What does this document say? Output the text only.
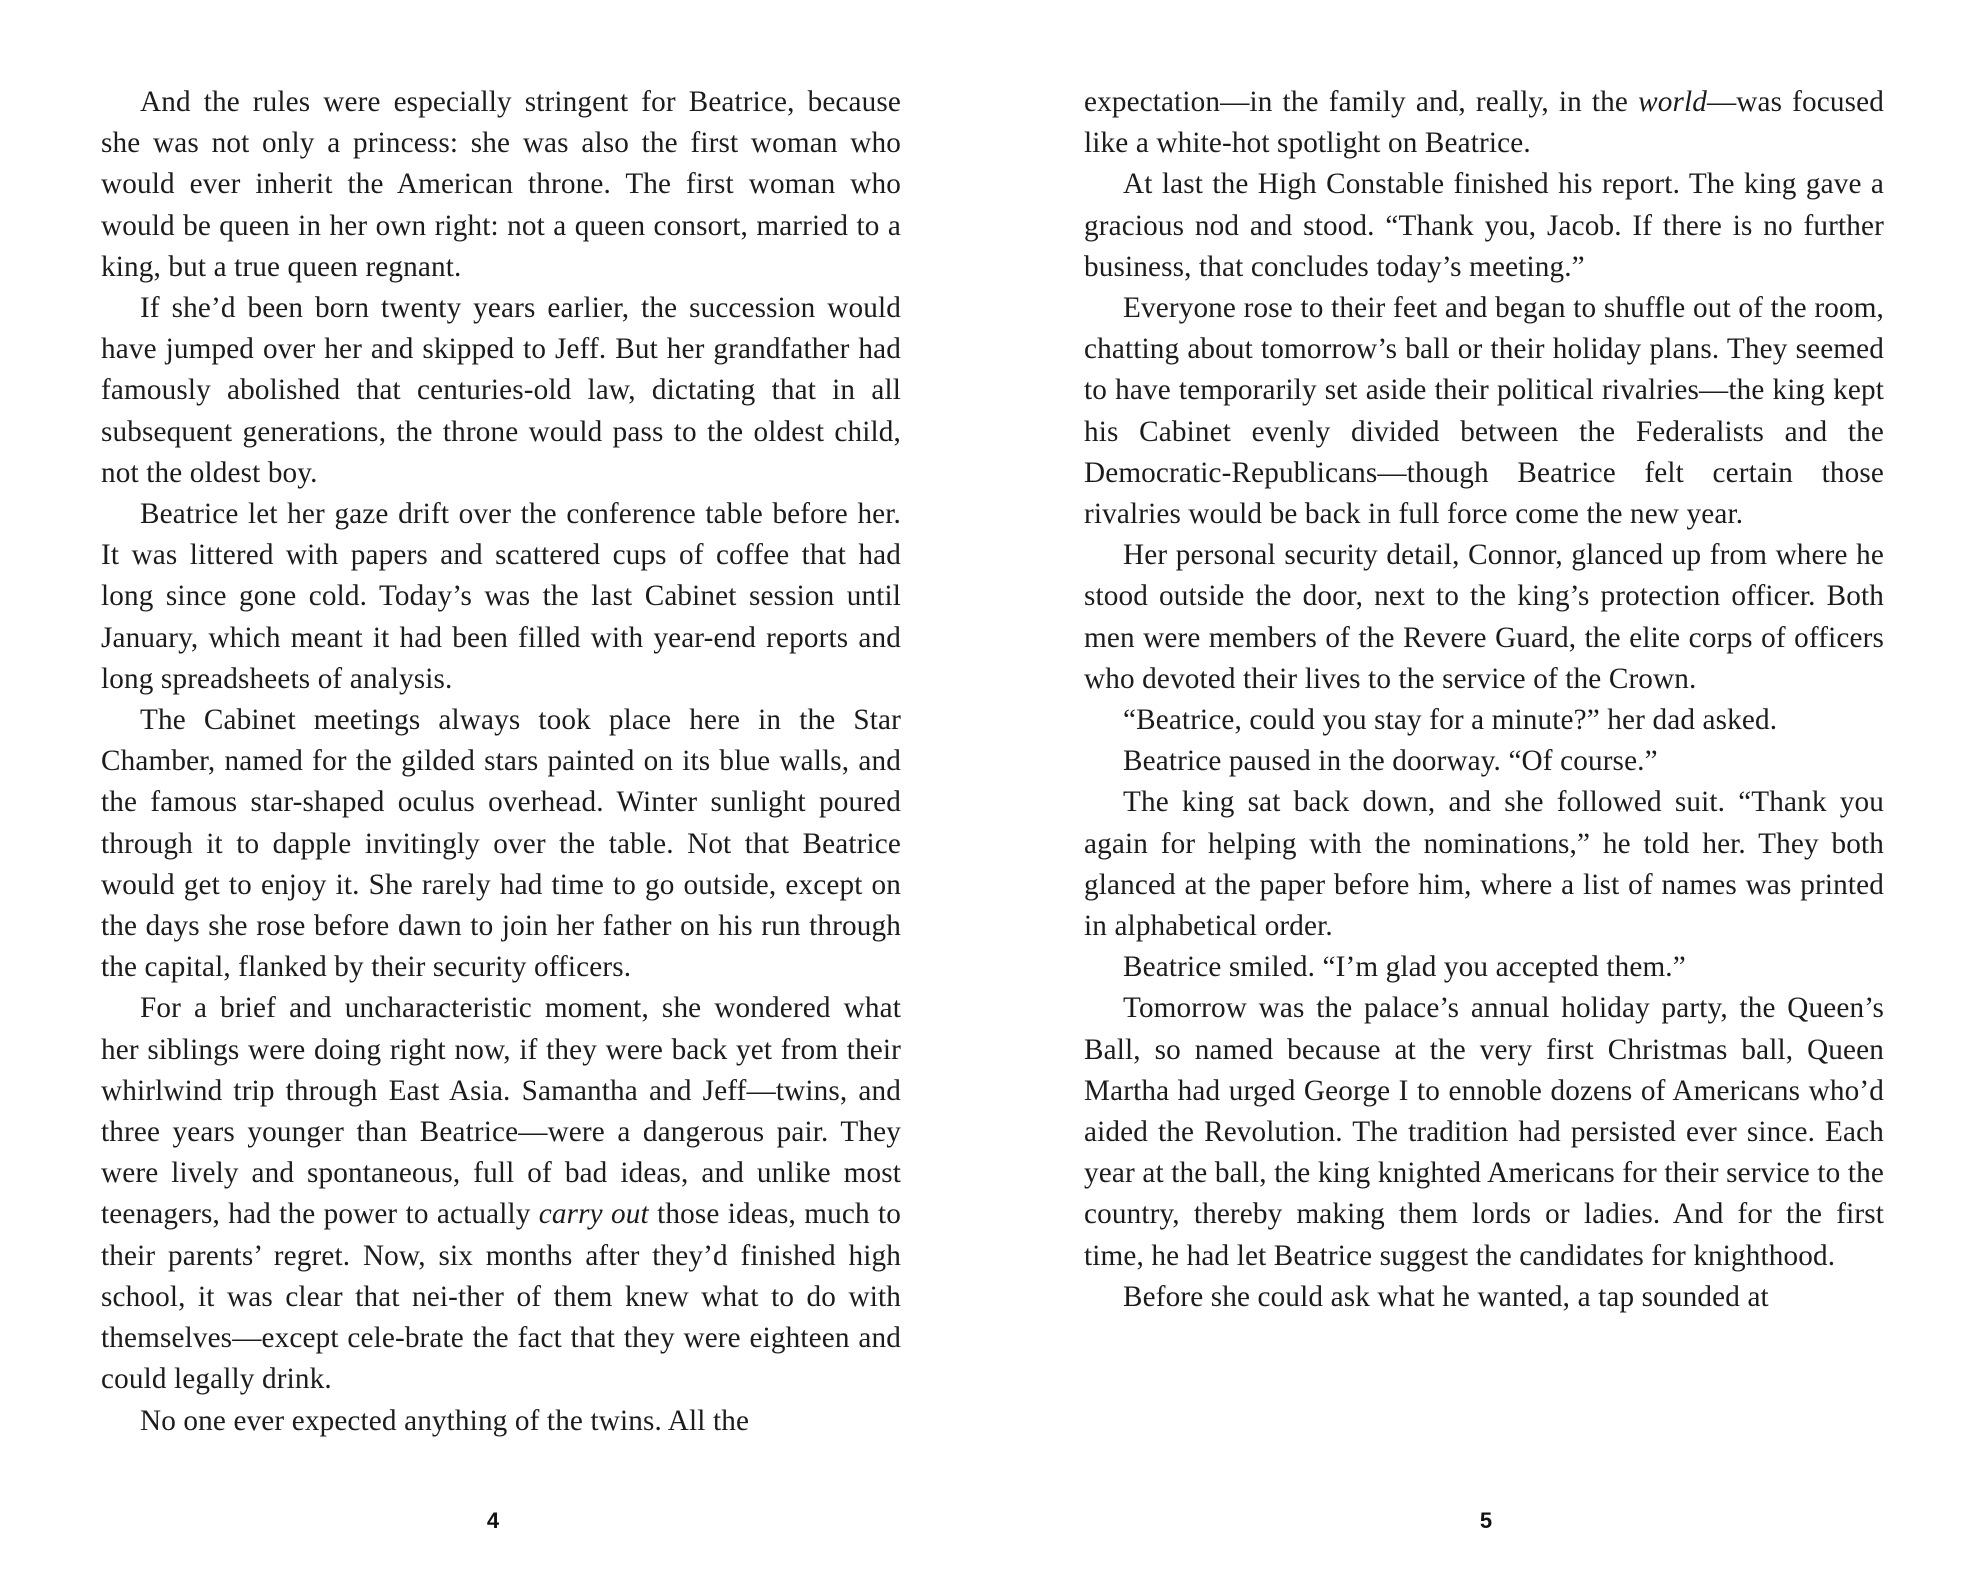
And the rules were especially stringent for Beatrice, because she was not only a princess: she was also the first woman who would ever inherit the American throne. The first woman who would be queen in her own right: not a queen consort, married to a king, but a true queen regnant.

If she’d been born twenty years earlier, the succession would have jumped over her and skipped to Jeff. But her grandfather had famously abolished that centuries-old law, dictating that in all subsequent generations, the throne would pass to the oldest child, not the oldest boy.

Beatrice let her gaze drift over the conference table before her. It was littered with papers and scattered cups of coffee that had long since gone cold. Today’s was the last Cabinet session until January, which meant it had been filled with year-end reports and long spreadsheets of analysis.

The Cabinet meetings always took place here in the Star Chamber, named for the gilded stars painted on its blue walls, and the famous star-shaped oculus overhead. Winter sunlight poured through it to dapple invitingly over the table. Not that Beatrice would get to enjoy it. She rarely had time to go outside, except on the days she rose before dawn to join her father on his run through the capital, flanked by their security officers.

For a brief and uncharacteristic moment, she wondered what her siblings were doing right now, if they were back yet from their whirlwind trip through East Asia. Samantha and Jeff—twins, and three years younger than Beatrice—were a dangerous pair. They were lively and spontaneous, full of bad ideas, and unlike most teenagers, had the power to actually carry out those ideas, much to their parents’ regret. Now, six months after they’d finished high school, it was clear that nei-ther of them knew what to do with themselves—except cele-brate the fact that they were eighteen and could legally drink.

No one ever expected anything of the twins. All the

4

expectation—in the family and, really, in the world—was focused like a white-hot spotlight on Beatrice.

At last the High Constable finished his report. The king gave a gracious nod and stood. “Thank you, Jacob. If there is no further business, that concludes today’s meeting.”

Everyone rose to their feet and began to shuffle out of the room, chatting about tomorrow’s ball or their holiday plans. They seemed to have temporarily set aside their political rivalries—the king kept his Cabinet evenly divided between the Federalists and the Democratic-Republicans—though Beatrice felt certain those rivalries would be back in full force come the new year.

Her personal security detail, Connor, glanced up from where he stood outside the door, next to the king’s protection officer. Both men were members of the Revere Guard, the elite corps of officers who devoted their lives to the service of the Crown.

“Beatrice, could you stay for a minute?” her dad asked.

Beatrice paused in the doorway. “Of course.”

The king sat back down, and she followed suit. “Thank you again for helping with the nominations,” he told her. They both glanced at the paper before him, where a list of names was printed in alphabetical order.

Beatrice smiled. “I’m glad you accepted them.”

Tomorrow was the palace’s annual holiday party, the Queen’s Ball, so named because at the very first Christmas ball, Queen Martha had urged George I to ennoble dozens of Americans who’d aided the Revolution. The tradition had persisted ever since. Each year at the ball, the king knighted Americans for their service to the country, thereby making them lords or ladies. And for the first time, he had let Beatrice suggest the candidates for knighthood.

Before she could ask what he wanted, a tap sounded at

5
